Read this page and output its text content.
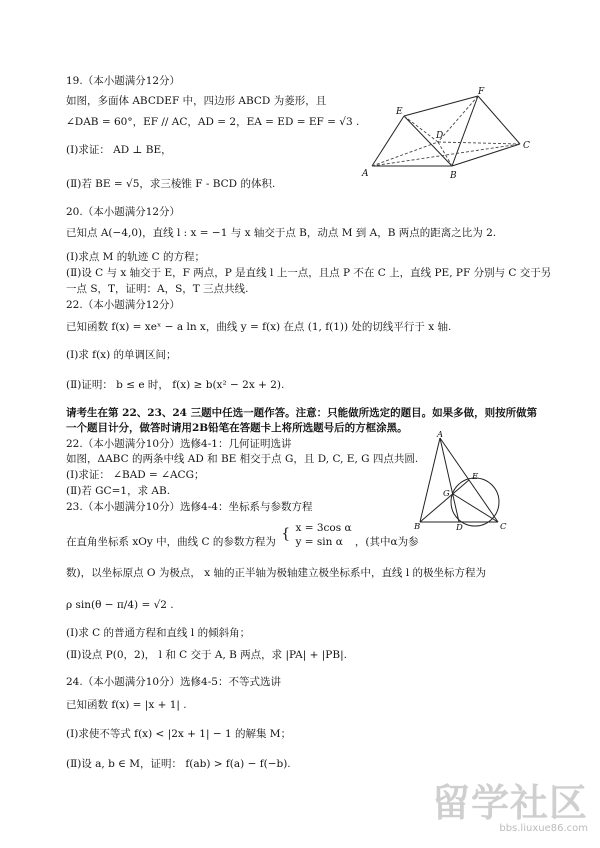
19.（本小题满分12分）
如图，多面体 ABCDEF 中，四边形 ABCD 为菱形，且
∠DAB = 60°，EF // AC，AD = 2，EA = ED = EF = √3 .
(Ⅰ)求证： AD ⊥ BE，
(Ⅱ)若 BE = √5，求三棱锥 F - BCD 的体积.
A	B
C
D
E
F
20.（本小题满分12分）
已知点 A(−4,0)，直线 l : x = −1 与 x 轴交于点 B，动点 M 到 A，B 两点的距离之比为 2.
(Ⅰ)求点 M 的轨迹 C 的方程；
(Ⅱ)设 C 与 x 轴交于 E，F 两点，P 是直线 l 上一点，且点 P 不在 C 上，直线 PE, PF 分别与 C 交于另
一点 S，T，证明：A，S，T 三点共线.
22.（本小题满分12分）
已知函数 f(x) = xeˣ − a ln x，曲线 y = f(x) 在点 (1, f(1)) 处的切线平行于 x 轴.
(Ⅰ)求 f(x) 的单调区间；
(Ⅱ)证明： b ≤ e 时， f(x) ≥ b(x² − 2x + 2).
请考生在第 22、23、24 三题中任选一题作答。注意：只能做所选定的题目。如果多做，则按所做第
一个题目计分，做答时请用2B铅笔在答题卡上将所选题号后的方框涂黑。
22.（本小题满分10分）选修4-1：几何证明选讲
如图，ΔABC 的两条中线 AD 和 BE 相交于点 G，且 D, C, E, G 四点共圆.
(Ⅰ)求证： ∠BAD = ∠ACG；
(Ⅱ)若 GC=1，求 AB.
A
B	C
D
E
G
23.（本小题满分10分）选修4-4：坐标系与参数方程
在直角坐标系 xOy 中，曲线 C 的参数方程为 { x = 3cos α
y = sin α	，(其中α为参
数)，以坐标原点 O 为极点， x 轴的正半轴为极轴建立极坐标系中，直线 l 的极坐标方程为
ρ sin(θ − π/4) = √2 .
(Ⅰ)求 C 的普通方程和直线 l 的倾斜角；
(Ⅱ)设点 P(0，2)， l 和 C 交于 A, B 两点，求 |PA| + |PB|.
24.（本小题满分10分）选修4-5：不等式选讲
已知函数 f(x) = |x + 1| .
(Ⅰ)求使不等式 f(x) < |2x + 1| − 1 的解集 M；
(Ⅱ)设 a, b ∈ M，证明： f(ab) > f(a) − f(−b).
留学社区
bbs.liuxue86.com
